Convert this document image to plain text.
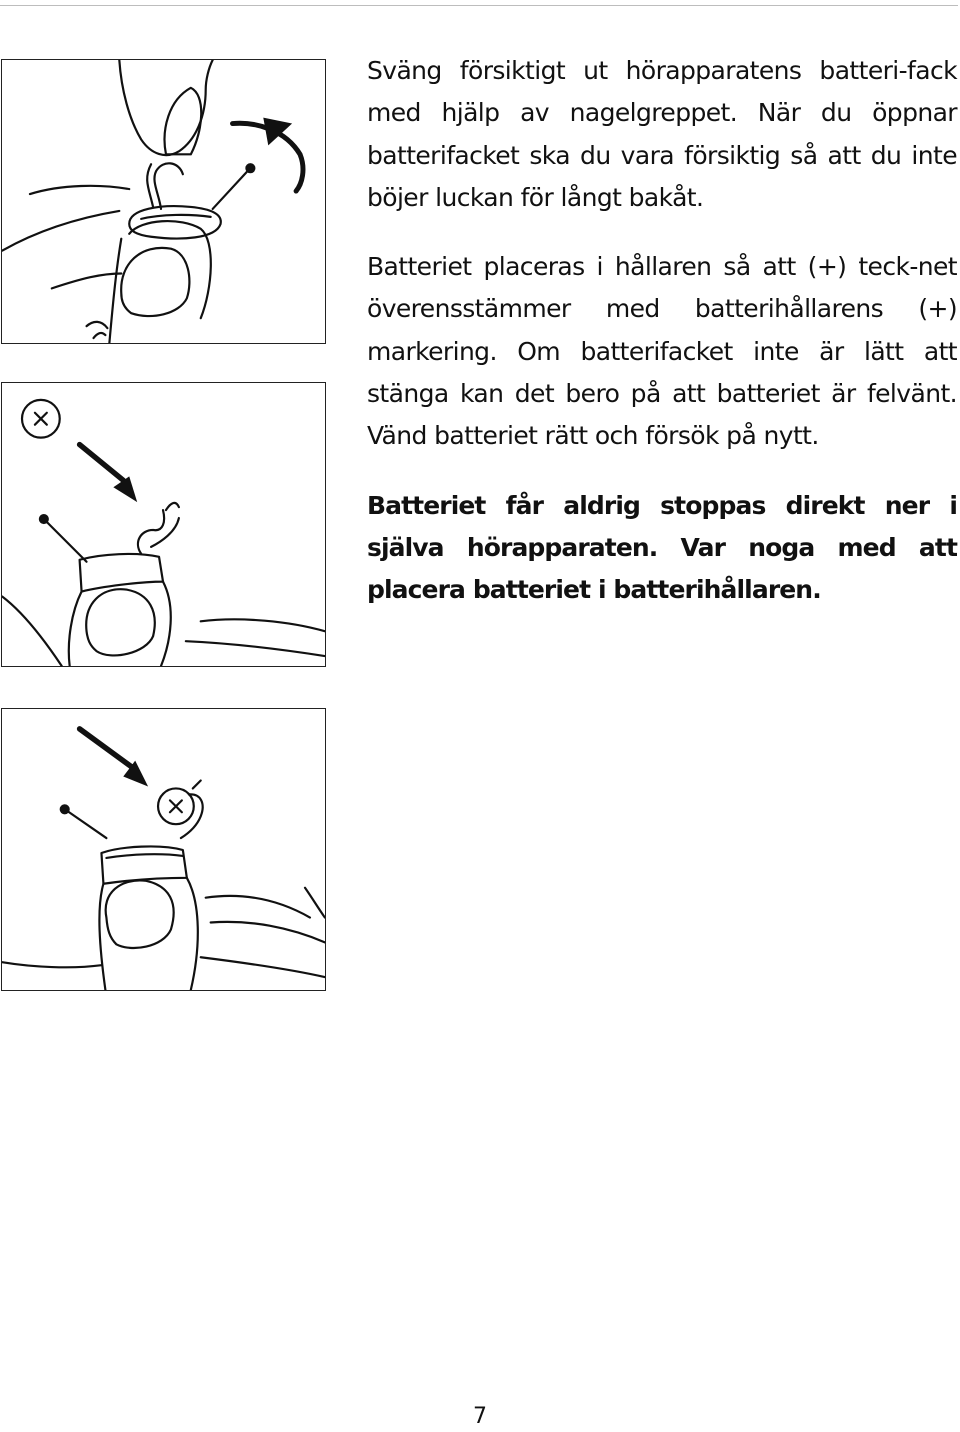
Sväng försiktigt ut hörapparatens batteri-fack med hjälp av nagelgreppet. När du öppnar batterifacket ska du vara försiktig så att du inte böjer luckan för långt bakåt.

Batteriet placeras i hållaren så att (+) teck-net överensstämmer med batterihållarens (+) markering. Om batterifacket inte är lätt att stänga kan det bero på att batteriet är felvänt. Vänd batteriet rätt och försök på nytt.

Batteriet får aldrig stoppas direkt ner i själva hörapparaten. Var noga med att placera batteriet i batterihållaren.

7
